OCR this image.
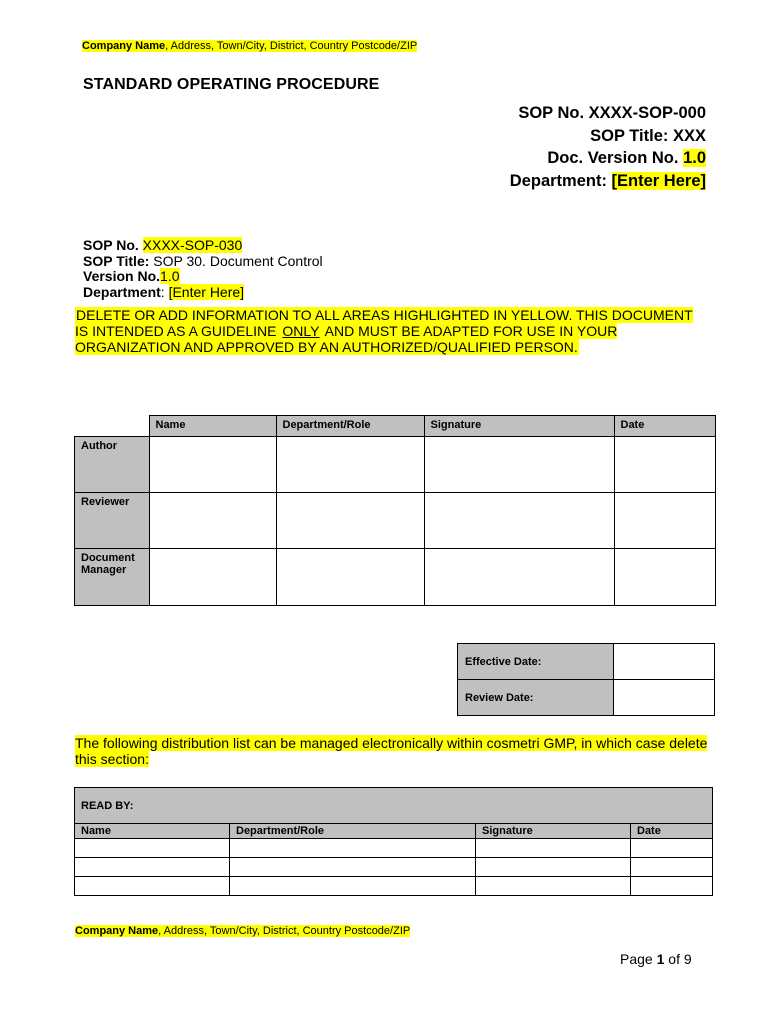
Company Name, Address, Town/City, District, Country Postcode/ZIP
STANDARD OPERATING PROCEDURE
SOP No. XXXX-SOP-000
SOP Title: XXX
Doc. Version No. 1.0
Department: [Enter Here]
SOP No. XXXX-SOP-030
SOP Title: SOP 30. Document Control
Version No.1.0
Department: [Enter Here]
DELETE OR ADD INFORMATION TO ALL AREAS HIGHLIGHTED IN YELLOW. THIS DOCUMENT IS INTENDED AS A GUIDELINE ONLY AND MUST BE ADAPTED FOR USE IN YOUR ORGANIZATION AND APPROVED BY AN AUTHORIZED/QUALIFIED PERSON.
	Name	Department/Role	Signature	Date
Author				
Reviewer				
Document Manager				
Effective Date:	
Review Date:	
The following distribution list can be managed electronically within cosmetri GMP, in which case delete this section:
READ BY:			
Name	Department/Role	Signature	Date

Company Name, Address, Town/City, District, Country Postcode/ZIP
Page 1 of 9
